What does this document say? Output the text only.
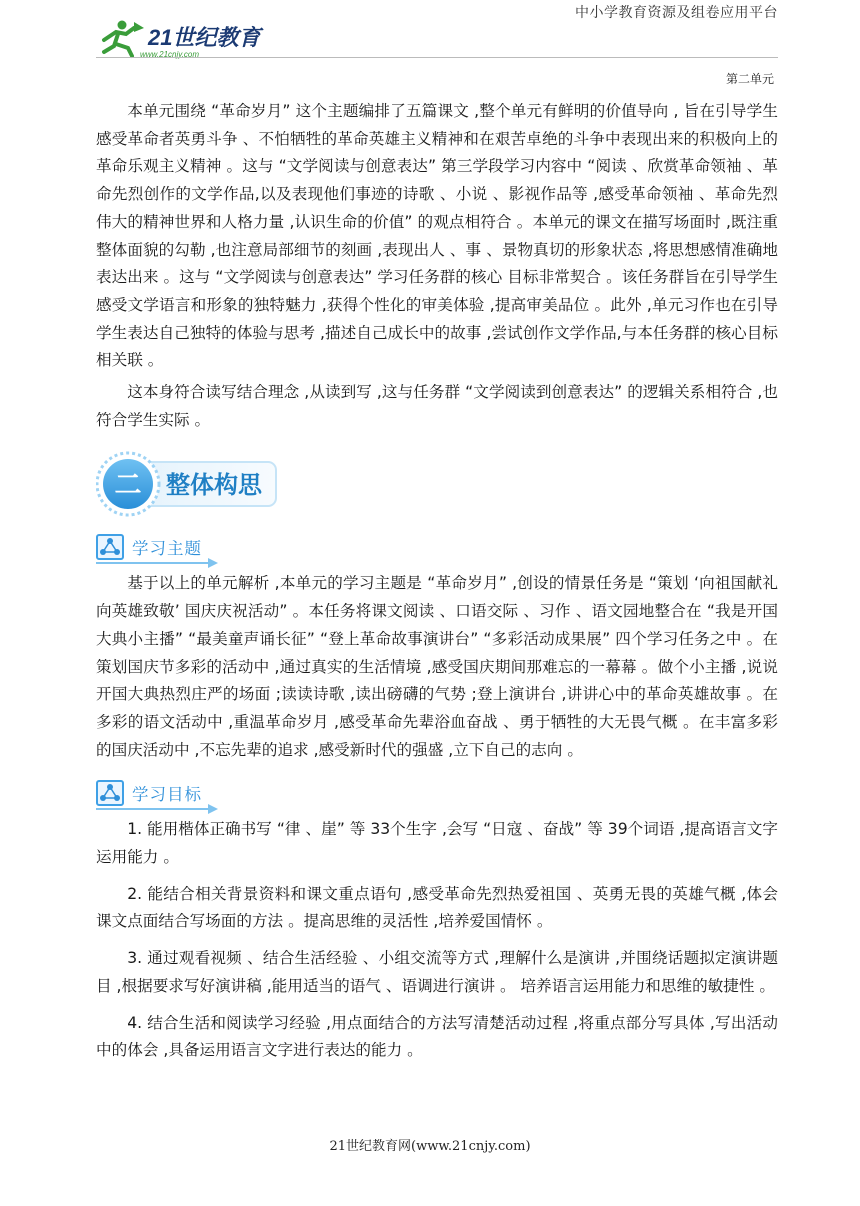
中小学教育资源及组卷应用平台
21世纪教育
www.21cnjy.com
第二单元

本单元围绕 “革命岁月” 这个主题编排了五篇课文 ,整个单元有鲜明的价值导向 , 旨在引导学生感受革命者英勇斗争 、不怕牺牲的革命英雄主义精神和在艰苦卓绝的斗争中表现出来的积极向上的革命乐观主义精神 。这与 “文学阅读与创意表达” 第三学段学习内容中 “阅读 、欣赏革命领袖 、革命先烈创作的文学作品,以及表现他们事迹的诗歌 、小说 、影视作品等 ,感受革命领袖 、革命先烈伟大的精神世界和人格力量 ,认识生命的价值” 的观点相符合 。本单元的课文在描写场面时 ,既注重整体面貌的勾勒 ,也注意局部细节的刻画 ,表现出人 、事 、景物真切的形象状态 ,将思想感情准确地表达出来 。这与 “文学阅读与创意表达” 学习任务群的核心 目标非常契合 。该任务群旨在引导学生感受文学语言和形象的独特魅力 ,获得个性化的审美体验 ,提高审美品位 。此外 ,单元习作也在引导学生表达自己独特的体验与思考 ,描述自己成长中的故事 ,尝试创作文学作品,与本任务群的核心目标相关联 。

这本身符合读写结合理念 ,从读到写 ,这与任务群 “文学阅读到创意表达” 的逻辑关系相符合 ,也符合学生实际 。

二 整体构思
学习主题

基于以上的单元解析 ,本单元的学习主题是 “革命岁月” ,创设的情景任务是 “策划 ‘向祖国献礼　向英雄致敬’ 国庆庆祝活动” 。本任务将课文阅读 、口语交际 、习作 、语文园地整合在 “我是开国大典小主播” “最美童声诵长征” “登上革命故事演讲台” “多彩活动成果展” 四个学习任务之中 。在策划国庆节多彩的活动中 ,通过真实的生活情境 ,感受国庆期间那难忘的一幕幕 。做个小主播 ,说说开国大典热烈庄严的场面 ;读读诗歌 ,读出磅礴的气势 ;登上演讲台 ,讲讲心中的革命英雄故事 。在多彩的语文活动中 ,重温革命岁月 ,感受革命先辈浴血奋战 、勇于牺牲的大无畏气概 。在丰富多彩的国庆活动中 ,不忘先辈的追求 ,感受新时代的强盛 ,立下自己的志向 。

学习目标

1. 能用楷体正确书写 “律 、崖” 等 33个生字 ,会写 “日寇 、奋战” 等 39个词语 ,提高语言文字运用能力 。

2. 能结合相关背景资料和课文重点语句 ,感受革命先烈热爱祖国 、英勇无畏的英雄气概 ,体会课文点面结合写场面的方法 。提高思维的灵活性 ,培养爱国情怀 。

3. 通过观看视频 、结合生活经验 、小组交流等方式 ,理解什么是演讲 ,并围绕话题拟定演讲题目 ,根据要求写好演讲稿 ,能用适当的语气 、语调进行演讲 。 培养语言运用能力和思维的敏捷性 。

4. 结合生活和阅读学习经验 ,用点面结合的方法写清楚活动过程 ,将重点部分写具体 ,写出活动中的体会 ,具备运用语言文字进行表达的能力 。

21世纪教育网(www.21cnjy.com)
